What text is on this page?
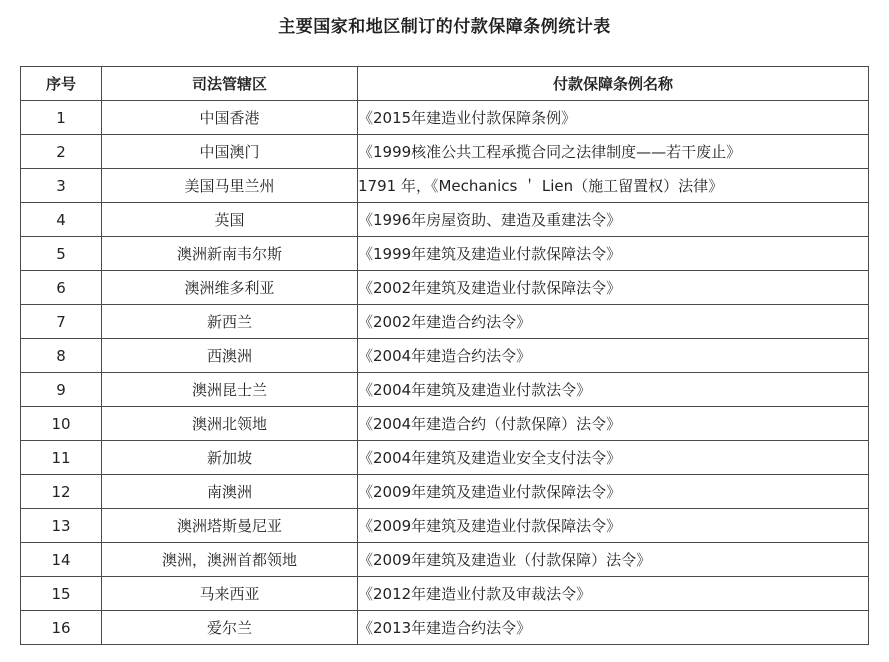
主要国家和地区制订的付款保障条例统计表
序号	司法管辖区	付款保障条例名称
1	中国香港	《2015年建造业付款保障条例》
2	中国澳门	《1999核准公共工程承揽合同之法律制度——若干废止》
3	美国马里兰州	1791 年，《Mechanics ＇ Lien（施工留置权）法律》
4	英国	《1996年房屋资助、建造及重建法令》
5	澳洲新南韦尔斯	《1999年建筑及建造业付款保障法令》
6	澳洲维多利亚	《2002年建筑及建造业付款保障法令》
7	新西兰	《2002年建造合约法令》
8	西澳洲	《2004年建造合约法令》
9	澳洲昆士兰	《2004年建筑及建造业付款法令》
10	澳洲北领地	《2004年建造合约（付款保障）法令》
11	新加坡	《2004年建筑及建造业安全支付法令》
12	南澳洲	《2009年建筑及建造业付款保障法令》
13	澳洲塔斯曼尼亚	《2009年建筑及建造业付款保障法令》
14	澳洲，澳洲首都领地	《2009年建筑及建造业（付款保障）法令》
15	马来西亚	《2012年建造业付款及审裁法令》
16	爱尔兰	《2013年建造合约法令》
